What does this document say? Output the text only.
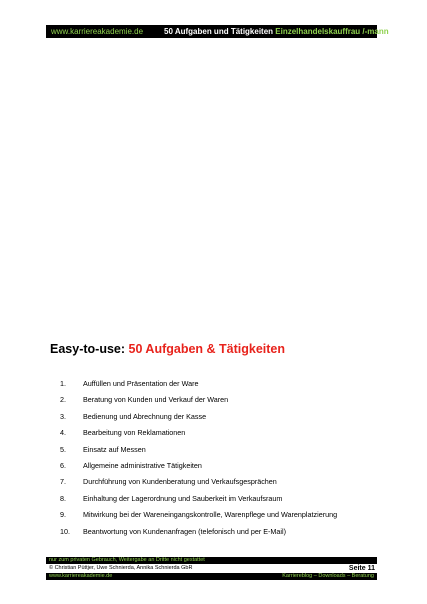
www.karriereakademie.de	50 Aufgaben und Tätigkeiten Einzelhandelskauffrau /-mann
Easy-to-use: 50 Aufgaben & Tätigkeiten
1.	Auffüllen und Präsentation der Ware
2.	Beratung von Kunden und Verkauf der Waren
3.	Bedienung und Abrechnung der Kasse
4.	Bearbeitung von Reklamationen
5.	Einsatz auf Messen
6.	Allgemeine administrative Tätigkeiten
7.	Durchführung von Kundenberatung und Verkaufsgesprächen
8.	Einhaltung der Lagerordnung und Sauberkeit im Verkaufsraum
9.	Mitwirkung bei der Wareneingangskontrolle, Warenpflege und Warenplatzierung
10.	Beantwortung von Kundenanfragen (telefonisch und per E-Mail)
nur zum privaten Gebrauch, Weitergabe an Dritte nicht gestattet
© Christian Püttjer, Uwe Schnierda, Annika Schnierda GbR	Seite 11
www.karriereakademie.de	Karriereblog – Downloads – Beratung
